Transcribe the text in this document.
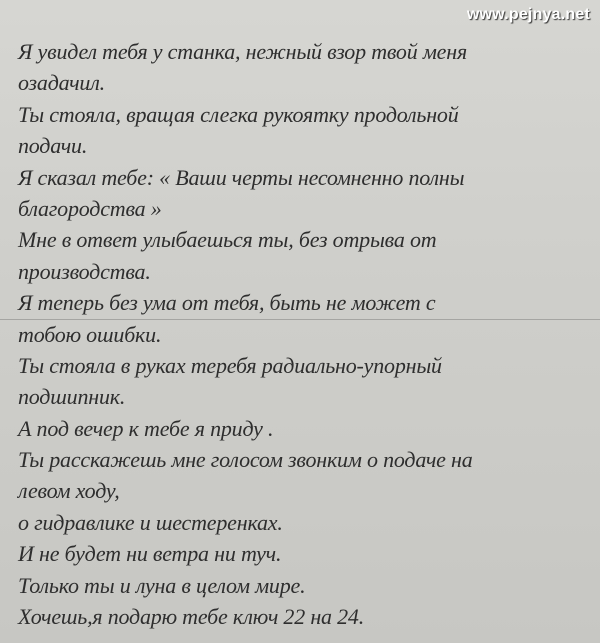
www.pejnya.net
Я увидел тебя у станка, нежный взор твой меня
озадачил.
Ты стояла, вращая слегка рукоятку продольной
подачи.
Я сказал тебе: « Ваши черты несомненно полны
благородства »
Мне в ответ улыбаешься ты, без отрыва от
производства.
Я теперь без ума от тебя, быть не может с
тобою ошибки.
Ты стояла в руках теребя радиально-упорный
подшипник.
А под вечер к тебе я приду .
Ты расскажешь мне голосом звонким о подаче на
левом ходу,
о гидравлике и шестеренках.
И не будет ни ветра ни туч.
Только ты и луна в целом мире.
Хочешь,я подарю тебе ключ 22 на 24.
